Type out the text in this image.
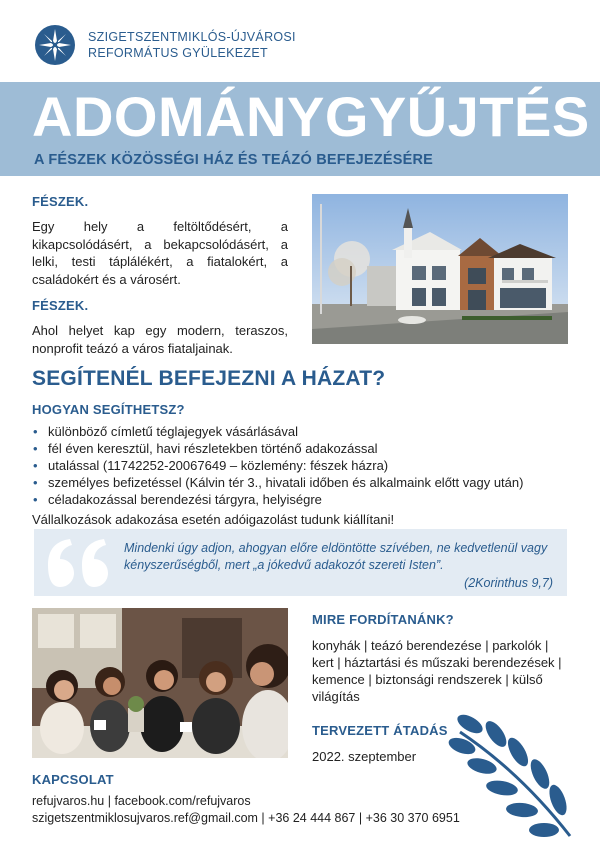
SZIGETSZENTMIKLÓS-ÚJVÁROSI
REFORMÁTUS GYÜLEKEZET
ADOMÁNYGYŰJTÉS
A FÉSZEK KÖZÖSSÉGI HÁZ ÉS TEÁZÓ BEFEJEZÉSÉRE
FÉSZEK.
Egy hely a feltöltődésért, a kikapcsolódásért, a bekapcsolódásért, a lelki, testi táplálékért, a fiatalokért, a családokért és a városért.
FÉSZEK.
Ahol helyet kap egy modern, teraszos, nonprofit teázó a város fiataljainak.
SEGÍTENÉL BEFEJEZNI A HÁZAT?
HOGYAN SEGÍTHETSZ?
• különböző címletű téglajegyek vásárlásával
• fél éven keresztül, havi részletekben történő adakozással
• utalással (11742252-20067649 – közlemény: fészek házra)
• személyes befizetéssel (Kálvin tér 3., hivatali időben és alkalmaink előtt vagy után)
• céladakozással berendezési tárgyra, helyiségre
Vállalkozások adakozása esetén adóigazolást tudunk kiállítani!
Mindenki úgy adjon, ahogyan előre eldöntötte szívében, ne kedvetlenül vagy kényszerűségből, mert „a jókedvű adakozót szereti Isten”.
(2Korinthus 9,7)
MIRE FORDÍTANÁNK?
konyhák | teázó berendezése | parkolók | kert | háztartási és műszaki berendezések | kemence | biztonsági rendszerek | külső világítás
TERVEZETT ÁTADÁS
2022. szeptember
KAPCSOLAT
refujvaros.hu | facebook.com/refujvaros
szigetszentmiklosujvaros.ref@gmail.com | +36 24 444 867 | +36 30 370 6951
